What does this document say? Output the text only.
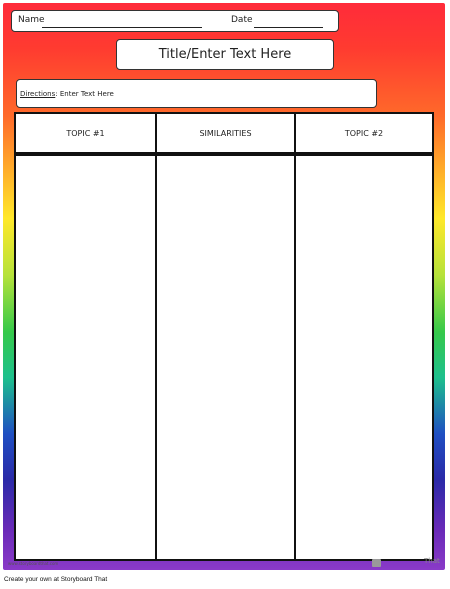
Name	Date
Title/Enter Text Here
Directions: Enter Text Here
TOPIC #1	SIMILARITIES	TOPIC #2
www.storyboardthat.com	That
Create your own at Storyboard That
